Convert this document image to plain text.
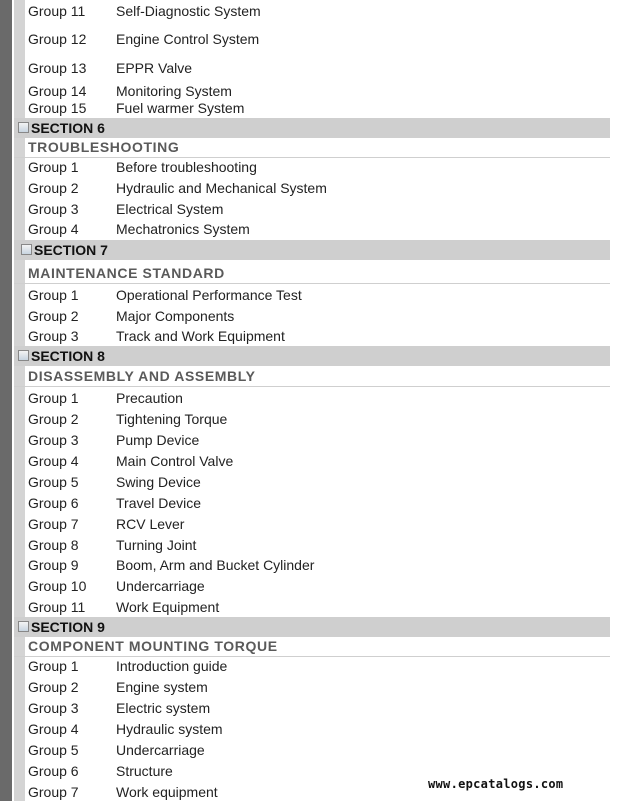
Group 11 Self-Diagnostic System
Group 12 Engine Control System
Group 13 EPPR Valve
Group 14 Monitoring System
Group 15 Fuel warmer System
SECTION 6
TROUBLESHOOTING
Group 1	Before troubleshooting
Group 2	Hydraulic and Mechanical System
Group 3	Electrical System
Group 4	Mechatronics System
SECTION 7
MAINTENANCE STANDARD
Group 1	Operational Performance Test
Group 2	Major Components
Group 3	Track and Work Equipment
SECTION 8
DISASSEMBLY AND ASSEMBLY
Group 1	Precaution
Group 2	Tightening Torque
Group 3	Pump Device
Group 4	Main Control Valve
Group 5	Swing Device
Group 6	Travel Device
Group 7	RCV Lever
Group 8	Turning Joint
Group 9	Boom, Arm and Bucket Cylinder
Group 10 Undercarriage
Group 11 Work Equipment
SECTION 9
COMPONENT MOUNTING TORQUE
Group 1	Introduction guide
Group 2	Engine system
Group 3	Electric system
Group 4	Hydraulic system
Group 5	Undercarriage
Group 6	Structure
Group 7	Work equipment	www.epcatalogs.com
